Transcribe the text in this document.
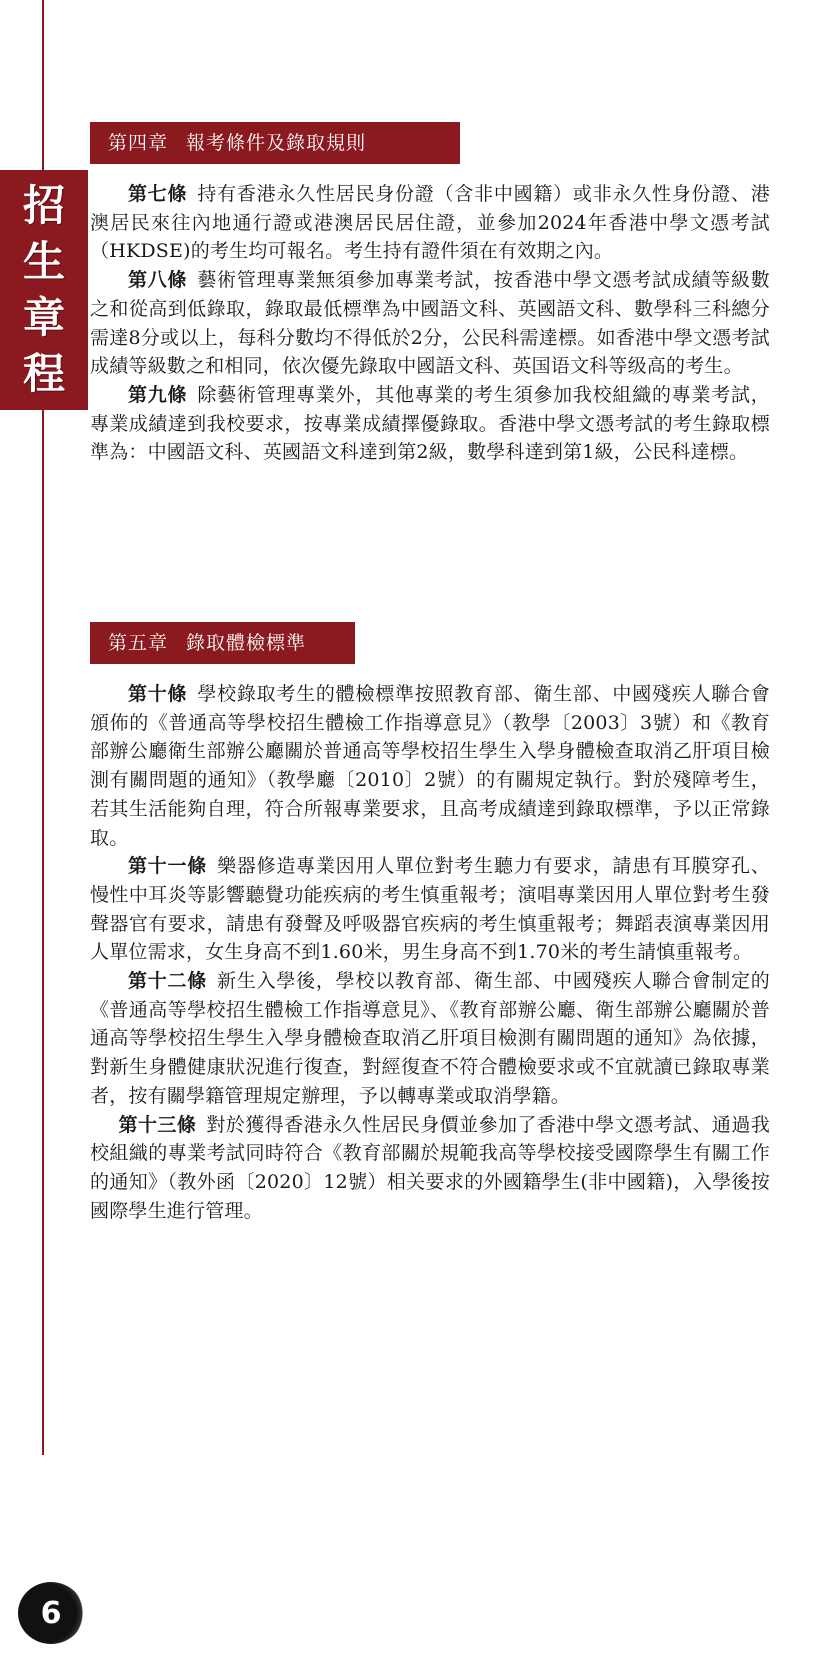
招
生
章
程
第四章 報考條件及錄取規則

第七條 持有香港永久性居民身份證（含非中國籍）或非永久性身份證、港澳居民來往內地通行證或港澳居民居住證，並參加2024年香港中學文憑考試（HKDSE)的考生均可報名。考生持有證件須在有效期之內。

第八條 藝術管理專業無須參加專業考試，按香港中學文憑考試成績等級數之和從高到低錄取，錄取最低標準為中國語文科、英國語文科、數學科三科總分需達8分或以上，每科分數均不得低於2分，公民科需達標。如香港中學文憑考試成績等級數之和相同，依次優先錄取中國語文科、英国语文科等级高的考生。

第九條 除藝術管理專業外，其他專業的考生須參加我校組織的專業考試，專業成績達到我校要求，按專業成績擇優錄取。香港中學文憑考試的考生錄取標準為：中國語文科、英國語文科達到第2級，數學科達到第1級，公民科達標。

第五章 錄取體檢標準

第十條 學校錄取考生的體檢標準按照教育部、衛生部、中國殘疾人聯合會頒佈的《普通高等學校招生體檢工作指導意見》（教學〔2003〕3號）和《教育部辦公廳衛生部辦公廳關於普通高等學校招生學生入學身體檢查取消乙肝項目檢測有關問題的通知》（教學廳〔2010〕2號）的有關規定執行。對於殘障考生，若其生活能夠自理，符合所報專業要求，且高考成績達到錄取標準，予以正常錄取。

第十一條 樂器修造專業因用人單位對考生聽力有要求，請患有耳膜穿孔、慢性中耳炎等影響聽覺功能疾病的考生慎重報考；演唱專業因用人單位對考生發聲器官有要求，請患有發聲及呼吸器官疾病的考生慎重報考；舞蹈表演專業因用人單位需求，女生身高不到1.60米，男生身高不到1.70米的考生請慎重報考。

第十二條 新生入學後，學校以教育部、衛生部、中國殘疾人聯合會制定的《普通高等學校招生體檢工作指導意見》、《教育部辦公廳、衛生部辦公廳關於普通高等學校招生學生入學身體檢查取消乙肝項目檢測有關問題的通知》為依據，對新生身體健康狀況進行復查，對經復查不符合體檢要求或不宜就讀已錄取專業者，按有關學籍管理規定辦理，予以轉專業或取消學籍。

第十三條 對於獲得香港永久性居民身價並參加了香港中學文憑考試、通過我校組織的專業考試同時符合《教育部關於規範我高等學校接受國際學生有關工作的通知》（教外函〔2020〕12號）相关要求的外國籍學生(非中國籍)，入學後按國際學生進行管理。

6
